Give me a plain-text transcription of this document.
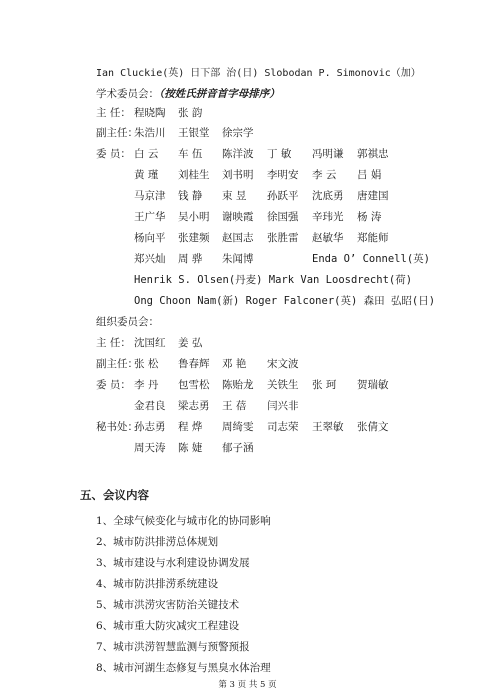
Ian Cluckie(英) 日下部 治(日) Slobodan P. Simonovic（加）
学术委员会：（按姓氏拼音首字母排序）
主 任： 程晓陶 张 韵
副主任：
朱浩川 王银堂 徐宗学
委 员： 白 云 车 伍 陈洋波 丁 敏 冯明谦 郭祺忠
黄 瑾 刘桂生 刘书明 李明安 李 云 吕 娟
马京津 钱 静 束 昱 孙跃平 沈底勇 唐建国
王广华 吴小明 谢映霞 徐国强 辛玮光 杨 涛
杨向平 张建频 赵国志 张胜雷 赵敏华 郑能师
郑兴灿 周 骅 朱闻博	Enda O’ Connell(英)
Henrik S. Olsen(丹麦) Mark Van Loosdrecht(荷)
Ong Choon Nam(新) Roger Falconer(英) 森田 弘昭(日)
组织委员会：
主 任： 沈国红 姜 弘
副主任：
张 松 鲁春辉 邓 艳 宋文波
委 员： 李 丹 包雪松 陈贻龙 关铁生 张 珂 贺瑞敏
金君良 梁志勇 王 蓓 闫兴非
秘书处：
孙志勇 程 烨 周绮雯 司志荣 王翠敏 张倩文
周天涛 陈 婕 郁子涵
五、会议内容
1、全球气候变化与城市化的协同影响
2、城市防洪排涝总体规划
3、城市建设与水利建设协调发展
4、城市防洪排涝系统建设
5、城市洪涝灾害防治关键技术
6、城市重大防灾减灾工程建设
7、城市洪涝智慧监测与预警预报
8、城市河湖生态修复与黑臭水体治理
第 3 页 共 5 页
